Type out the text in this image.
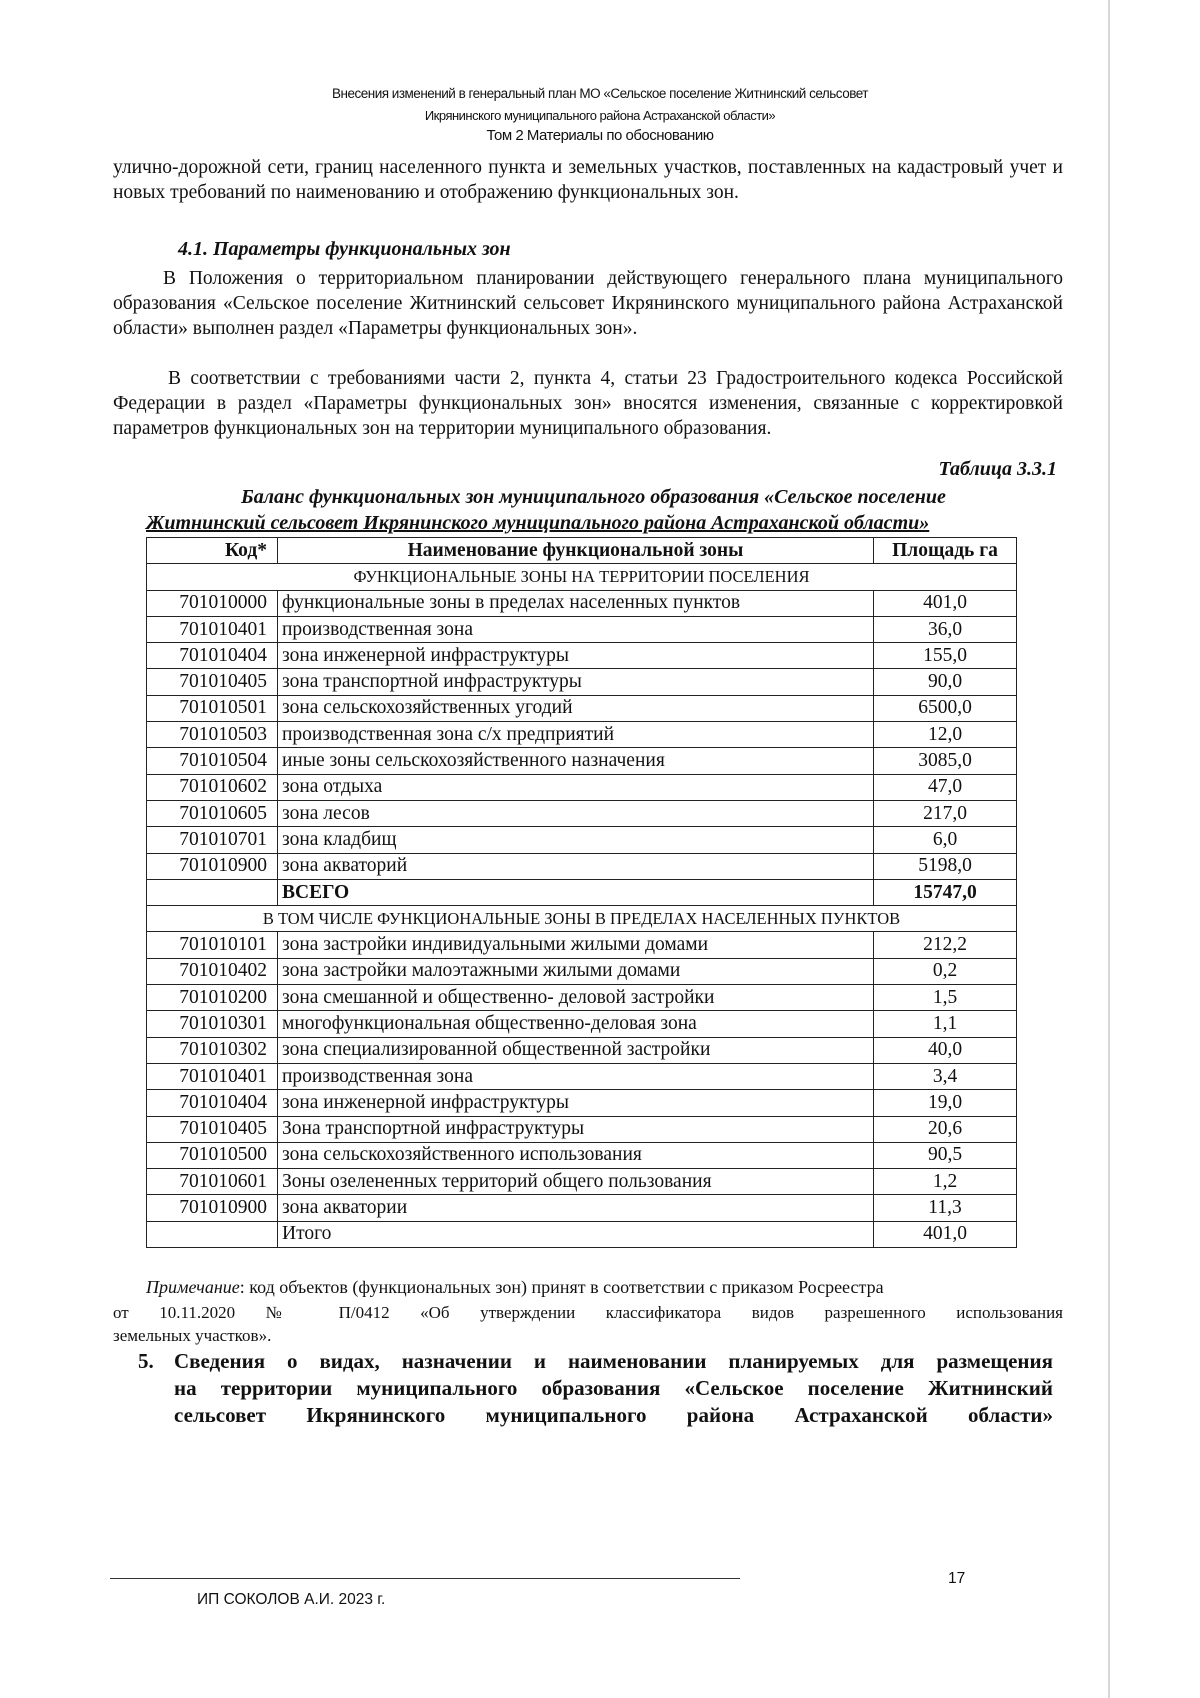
Внесения изменений в генеральный план МО «Сельское поселение Житнинский сельсовет
Икрянинского муниципального района Астраханской области»
Том 2 Материалы по обоснованию
улично-дорожной сети, границ населенного пункта и земельных участков, поставленных на кадастровый учет и новых требований по наименованию и отображению функциональных зон.
4.1. Параметры функциональных зон
В Положения о территориальном планировании действующего генерального плана муниципального образования «Сельское поселение Житнинский сельсовет Икрянинского муниципального района Астраханской области» выполнен раздел «Параметры функциональных зон».
В соответствии с требованиями части 2, пункта 4, статьи 23 Градостроительного кодекса Российской Федерации в раздел «Параметры функциональных зон» вносятся изменения, связанные с корректировкой параметров функциональных зон на территории муниципального образования.
Таблица 3.3.1
Баланс функциональных зон муниципального образования «Сельское поселение
Житнинский сельсовет Икрянинского муниципального района Астраханской области»
Код*	Наименование функциональной зоны	Площадь га
ФУНКЦИОНАЛЬНЫЕ ЗОНЫ НА ТЕРРИТОРИИ ПОСЕЛЕНИЯ		
701010000	функциональные зоны в пределах населенных пунктов	401,0
701010401	производственная зона	36,0
701010404	зона инженерной инфраструктуры	155,0
701010405	зона транспортной инфраструктуры	90,0
701010501	зона сельскохозяйственных угодий	6500,0
701010503	производственная зона с/х предприятий	12,0
701010504	иные зоны сельскохозяйственного назначения	3085,0
701010602	зона отдыха	47,0
701010605	зона лесов	217,0
701010701	зона кладбищ	6,0
701010900	зона акваторий	5198,0
	ВСЕГО	15747,0
В ТОМ ЧИСЛЕ ФУНКЦИОНАЛЬНЫЕ ЗОНЫ В ПРЕДЕЛАХ НАСЕЛЕННЫХ ПУНКТОВ		
701010101	зона застройки индивидуальными жилыми домами	212,2
701010402	зона застройки малоэтажными жилыми домами	0,2
701010200	зона смешанной и общественно- деловой застройки	1,5
701010301	многофункциональная общественно-деловая зона	1,1
701010302	зона специализированной общественной застройки	40,0
701010401	производственная зона	3,4
701010404	зона инженерной инфраструктуры	19,0
701010405	Зона транспортной инфраструктуры	20,6
701010500	зона сельскохозяйственного использования	90,5
701010601	Зоны озелененных территорий общего пользования	1,2
701010900	зона акватории	11,3
	Итого	401,0
Примечание: код объектов (функциональных зон) принят в соответствии с приказом Росреестра
от 10.11.2020 № П/0412 «Об утверждении классификатора видов разрешенного использования
земельных участков».
5. Сведения о видах, назначении и наименовании планируемых для размещения
на территории муниципального образования «Сельское поселение Житнинский
сельсовет Икрянинского муниципального района Астраханской области»
ИП СОКОЛОВ А.И. 2023 г.
17
